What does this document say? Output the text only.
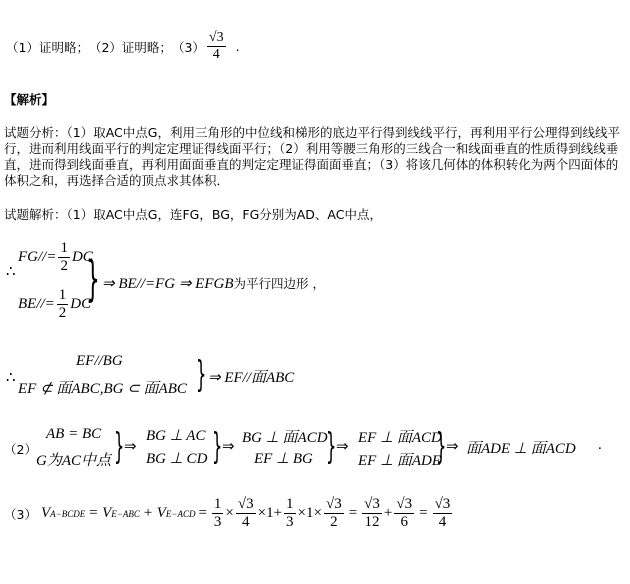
（1）证明略； （2）证明略； $(3) \frac{√3}{4}$ .
【解析】
试题分析：（1）取AC中点G，利用三角形的中位线和梯形的底边平行得到线线平行，再利用平行公理得到线线平行，进而利用线面平行的判定定理证得线面平行；（2）利用等腰三角形的三线合一和线面垂直的性质得到线线垂直，进而得到线面垂直，再利用面面垂直的判定定理证得面面垂直；（3）将该几何体的体积转化为两个四面体的体积之和，再选择合适的顶点求其体积．
试题解析：（1）取AC中点G，连FG，BG，FG分别为AD、AC中点，
∴
$FG//= \frac{1}{2}$ DC
$BE//= \frac{1}{2}$ DC
} ⇒ BE//=FG ⇒ EFGB为平行四边形 ，
∴
EF//BG
EF ⊄ 面ABC,BG ⊂ 面ABC } ⇒ EF//面ABC
（2）
AB = BC
G为AC中点 } ⇒
BG ⊥ AC
BG ⊥ CD } ⇒
BG ⊥ 面ACD
EF ⊥ BG } ⇒
EF ⊥ 面ACD
EF ⊥ 面ADE
} ⇒ 面ADE ⊥ 面ACD .
（3） V A−BCDE = V E−ABC + V $E-ACD = \frac{1}{3} \times \frac{√3}{4} \times 1+ \frac{1}{3} \times 1\times \frac{√3}{2} = \frac{√3}{12} + \frac{√3}{6} = \frac{√3}{4}$
